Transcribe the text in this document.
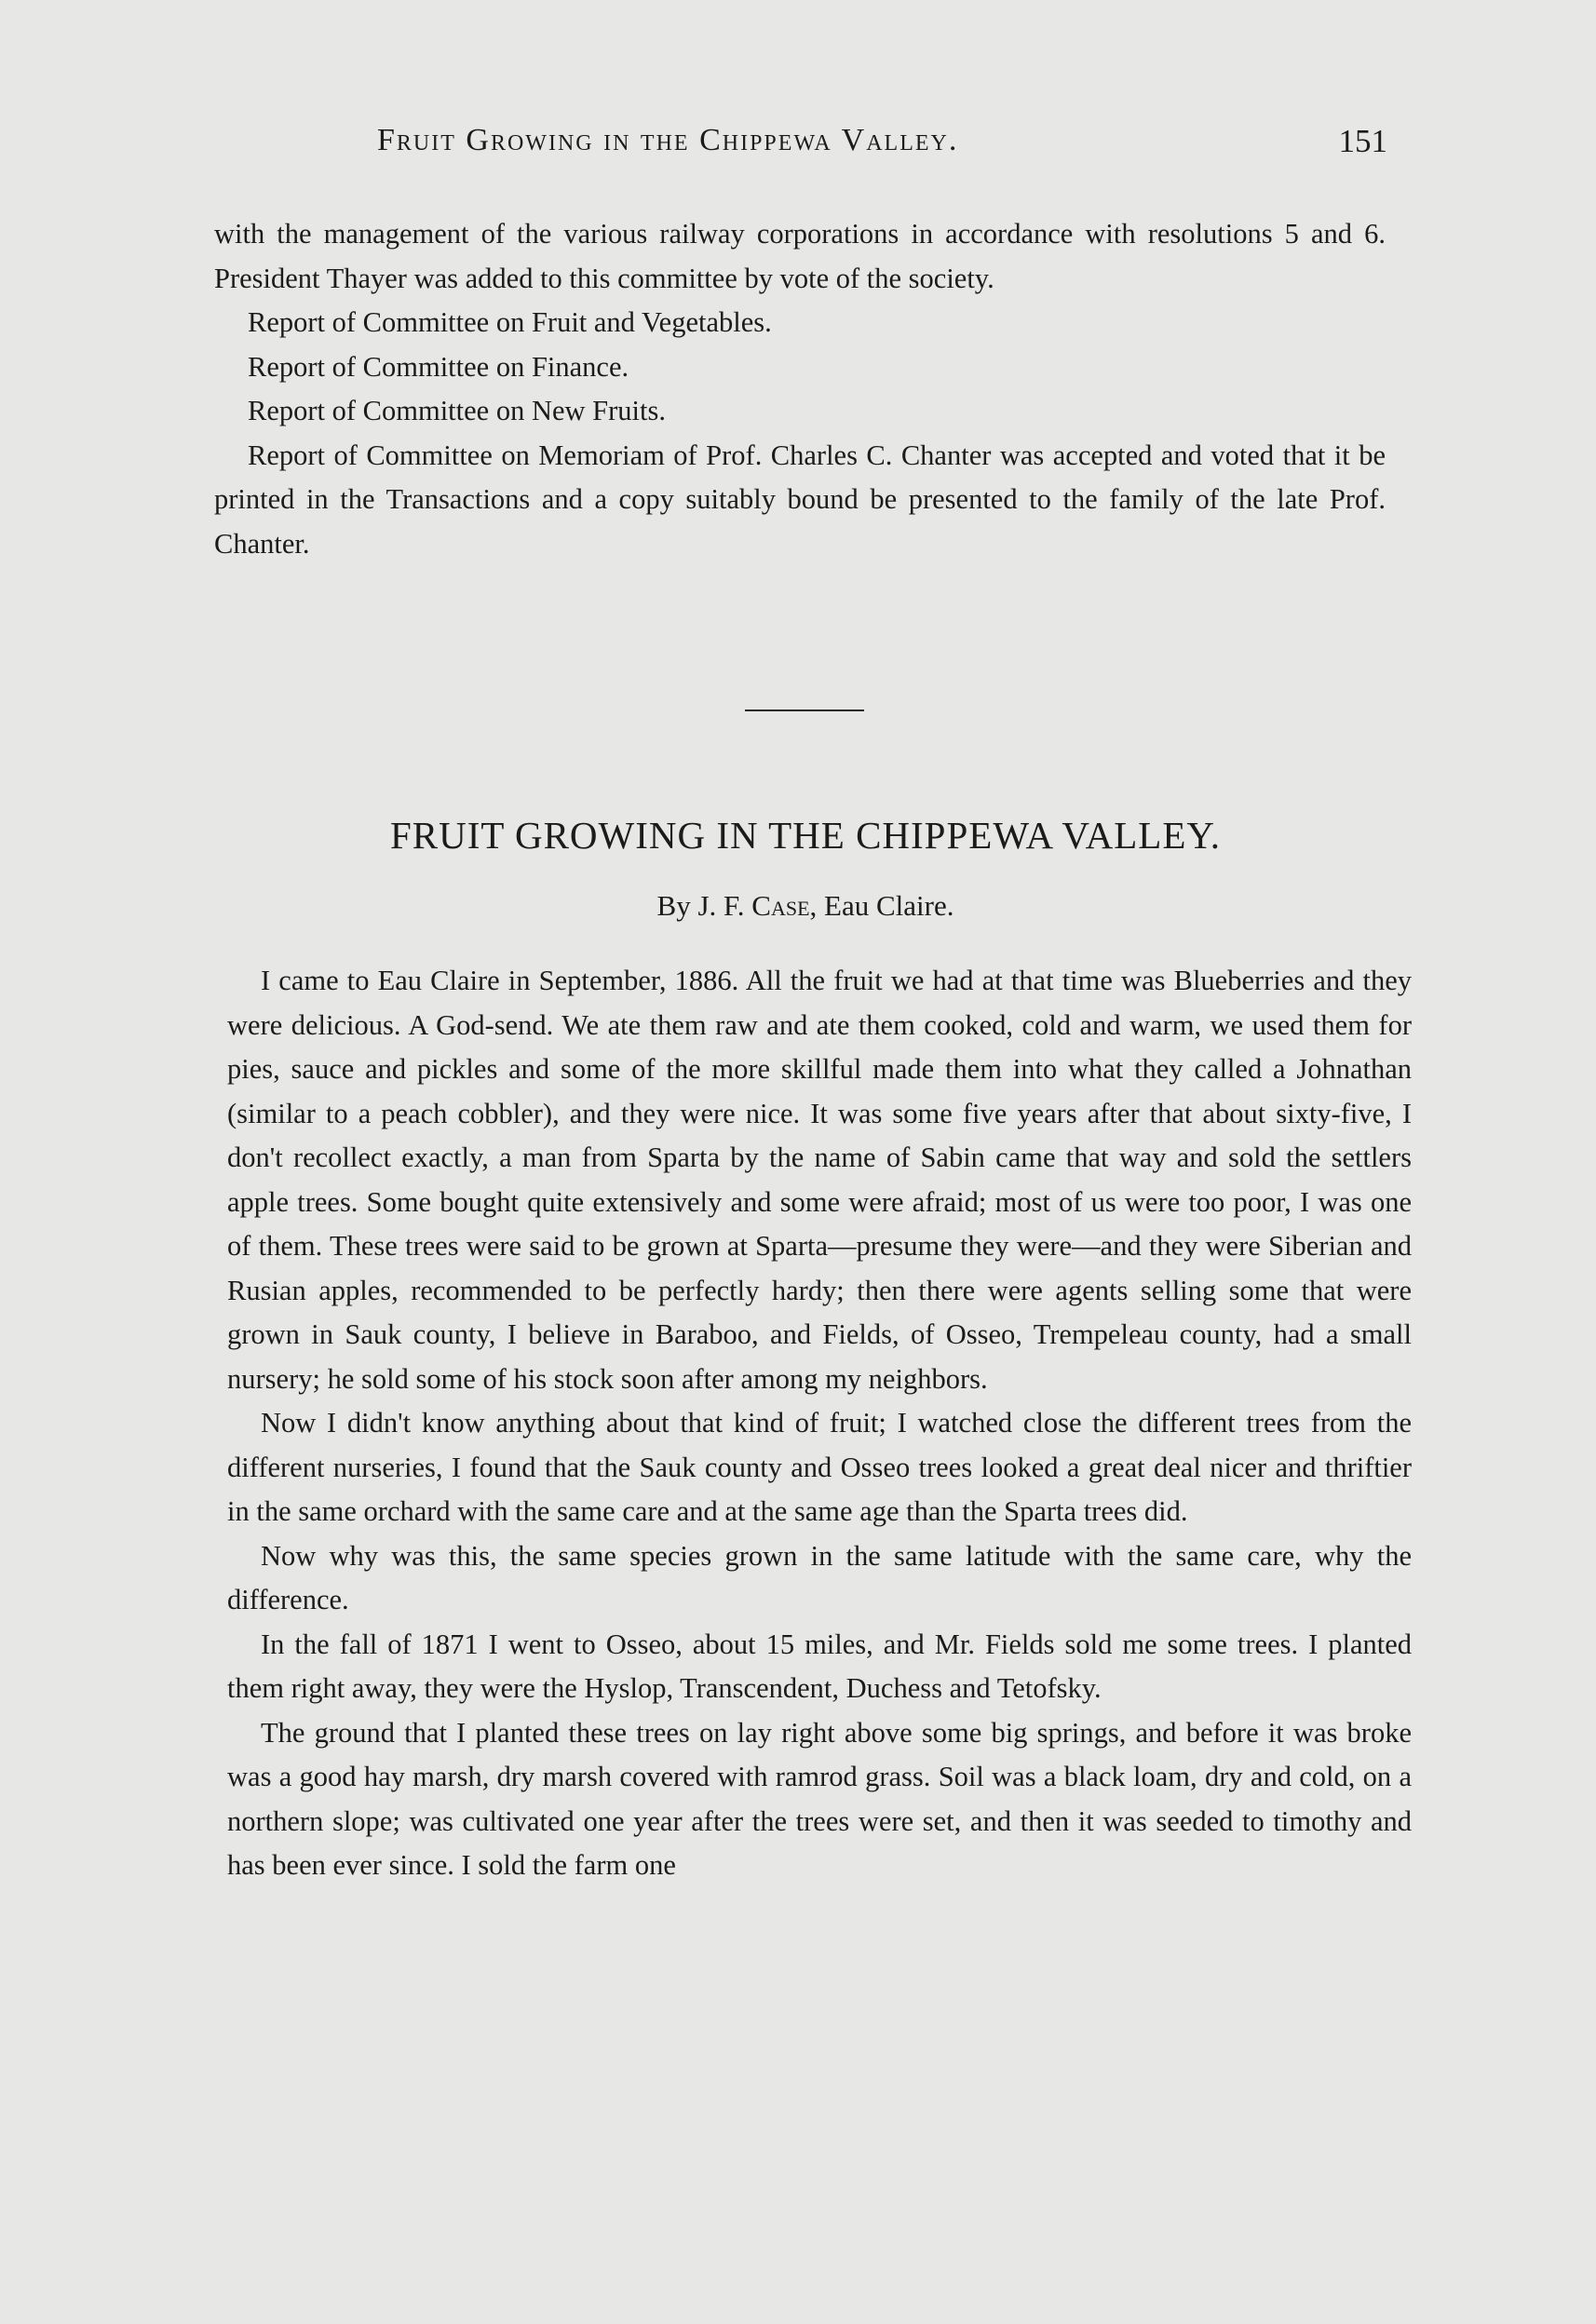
Fruit Growing in the Chippewa Valley.	151

with the management of the various railway corporations in accordance with resolutions 5 and 6. President Thayer was added to this committee by vote of the society.

Report of Committee on Fruit and Vegetables.

Report of Committee on Finance.

Report of Committee on New Fruits.

Report of Committee on Memoriam of Prof. Charles C. Chanter was accepted and voted that it be printed in the Transactions and a copy suitably bound be presented to the family of the late Prof. Chanter.

FRUIT GROWING IN THE CHIPPEWA VALLEY.
By J. F. Case, Eau Claire.

I came to Eau Claire in September, 1886. All the fruit we had at that time was Blueberries and they were delicious. A God-send. We ate them raw and ate them cooked, cold and warm, we used them for pies, sauce and pickles and some of the more skillful made them into what they called a Johnathan (similar to a peach cobbler), and they were nice. It was some five years after that about sixty-five, I don't recollect exactly, a man from Sparta by the name of Sabin came that way and sold the settlers apple trees. Some bought quite extensively and some were afraid; most of us were too poor, I was one of them. These trees were said to be grown at Sparta—presume they were—and they were Siberian and Rusian apples, recommended to be perfectly hardy; then there were agents selling some that were grown in Sauk county, I believe in Baraboo, and Fields, of Osseo, Trempeleau county, had a small nursery; he sold some of his stock soon after among my neighbors.

Now I didn't know anything about that kind of fruit; I watched close the different trees from the different nurseries, I found that the Sauk county and Osseo trees looked a great deal nicer and thriftier in the same orchard with the same care and at the same age than the Sparta trees did.

Now why was this, the same species grown in the same latitude with the same care, why the difference.

In the fall of 1871 I went to Osseo, about 15 miles, and Mr. Fields sold me some trees. I planted them right away, they were the Hyslop, Transcendent, Duchess and Tetofsky.

The ground that I planted these trees on lay right above some big springs, and before it was broke was a good hay marsh, dry marsh covered with ramrod grass. Soil was a black loam, dry and cold, on a northern slope; was cultivated one year after the trees were set, and then it was seeded to timothy and has been ever since. I sold the farm one
